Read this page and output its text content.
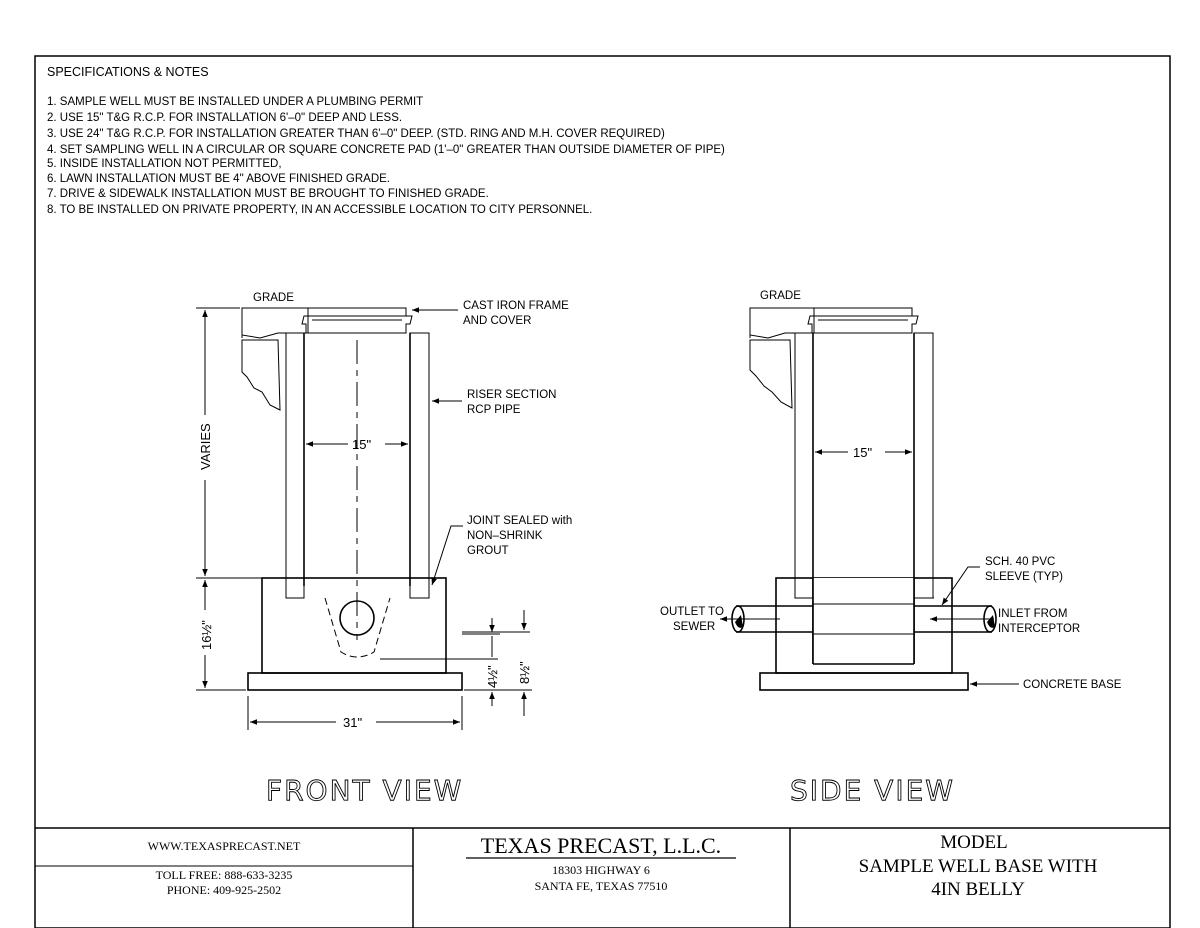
SPECIFICATIONS & NOTES
1. SAMPLE WELL MUST BE INSTALLED UNDER A PLUMBING PERMIT
2. USE 15" T&G R.C.P. FOR INSTALLATION 6'–0" DEEP AND LESS.
3. USE 24" T&G R.C.P. FOR INSTALLATION GREATER THAN 6'–0" DEEP. (STD. RING AND M.H. COVER REQUIRED)
4. SET SAMPLING WELL IN A CIRCULAR OR SQUARE CONCRETE PAD (1'–0" GREATER THAN OUTSIDE DIAMETER OF PIPE)
5. INSIDE INSTALLATION NOT PERMITTED,
6. LAWN INSTALLATION MUST BE 4" ABOVE FINISHED GRADE.
7. DRIVE & SIDEWALK INSTALLATION MUST BE BROUGHT TO FINISHED GRADE.
8. TO BE INSTALLED ON PRIVATE PROPERTY, IN AN ACCESSIBLE LOCATION TO CITY PERSONNEL.
VARIES
16½"
31"
15"
4½" 8½"
GRADE
CAST IRON FRAME
AND COVER
RISER SECTION
RCP PIPE
JOINT SEALED with
NON–SHRINK
GROUT
FRONT VIEW
15"
GRADE
SCH. 40 PVC
SLEEVE (TYP)
OUTLET TO
SEWER
INLET FROM
INTERCEPTOR
CONCRETE BASE
SIDE VIEW
WWW.TEXASPRECAST.NET
TOLL FREE: 888-633-3235
PHONE: 409-925-2502
TEXAS PRECAST, L.L.C.
18303 HIGHWAY 6
SANTA FE, TEXAS 77510
MODEL
SAMPLE WELL BASE WITH
4IN BELLY
